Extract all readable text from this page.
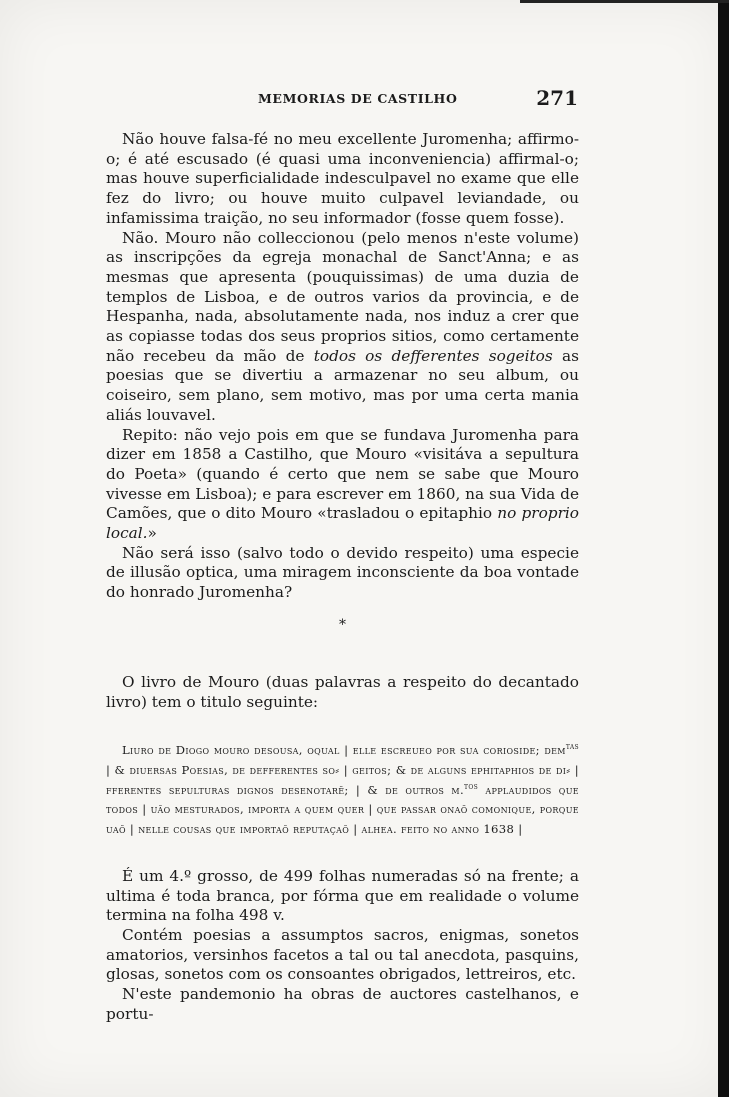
MEMORIAS DE CASTILHO	271

Não houve falsa-fé no meu excellente Juromenha; affirmo-o; é até escusado (é quasi uma inconveniencia) affirmal-o; mas houve superficialidade indesculpavel no exame que elle fez do livro; ou houve muito culpavel leviandade, ou infamissima traição, no seu informador (fosse quem fosse).

Não. Mouro não colleccionou (pelo menos n'este volume) as inscripções da egreja monachal de Sanct'Anna; e as mesmas que apresenta (pouquissimas) de uma duzia de templos de Lisboa, e de outros varios da provincia, e de Hespanha, nada, absolutamente nada, nos induz a crer que as copiasse todas dos seus proprios sitios, como certamente não recebeu da mão de todos os defferentes sogeitos as poesias que se divertiu a armazenar no seu album, ou coiseiro, sem plano, sem motivo, mas por uma certa mania aliás louvavel.

Repito: não vejo pois em que se fundava Juromenha para dizer em 1858 a Castilho, que Mouro «visitáva a sepultura do Poeta» (quando é certo que nem se sabe que Mouro vivesse em Lisboa); e para escrever em 1860, na sua Vida de Camões, que o dito Mouro «trasladou o epitaphio no proprio local.»

Não será isso (salvo todo o devido respeito) uma especie de illusão optica, uma miragem inconsciente da boa vontade do honrado Juromenha?

*

O livro de Mouro (duas palavras a respeito do decantado livro) tem o titulo seguinte:

Liuro de Diogo mouro desousa, oqual | elle escreueo por sua corioside; dem$^{tas}$ | & diuersas Poesias, de defferentes so⸗ | geitos; & de alguns ephitaphios de di⸗ | fferentes sepulturas dignos desenotarẽ; | & de outros m.$^{tos}$ applaudidos que todos | uão mesturados, importa a quem quer | que passar onaõ comonique, porque uaõ | nelle cousas que importaõ reputaçaõ | alhea. feito no anno 1638 |

É um 4.º grosso, de 499 folhas numeradas só na frente; a ultima é toda branca, por fórma que em realidade o volume termina na folha 498 v.

Contém poesias a assumptos sacros, enigmas, sonetos amatorios, versinhos facetos a tal ou tal anecdota, pasquins, glosas, sonetos com os consoantes obrigados, lettreiros, etc.

N'este pandemonio ha obras de auctores castelhanos, e portu-
